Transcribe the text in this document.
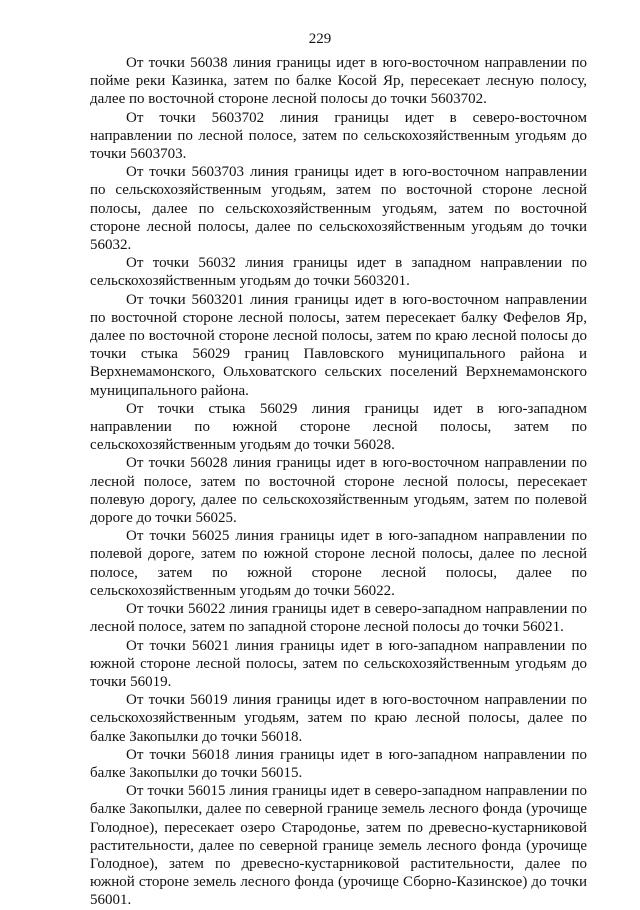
229

От точки 56038 линия границы идет в юго-восточном направлении по пойме реки Казинка, затем по балке Косой Яр, пересекает лесную полосу, далее по восточной стороне лесной полосы до точки 5603702.

От точки 5603702 линия границы идет в северо-восточном направлении по лесной полосе, затем по сельскохозяйственным угодьям до точки 5603703.

От точки 5603703 линия границы идет в юго-восточном направлении по сельскохозяйственным угодьям, затем по восточной стороне лесной полосы, далее по сельскохозяйственным угодьям, затем по восточной стороне лесной полосы, далее по сельскохозяйственным угодьям до точки 56032.

От точки 56032 линия границы идет в западном направлении по сельскохозяйственным угодьям до точки 5603201.

От точки 5603201 линия границы идет в юго-восточном направлении по восточной стороне лесной полосы, затем пересекает балку Фефелов Яр, далее по восточной стороне лесной полосы, затем по краю лесной полосы до точки стыка 56029 границ Павловского муниципального района и Верхнемамонского, Ольховатского сельских поселений Верхнемамонского муниципального района.

От точки стыка 56029 линия границы идет в юго-западном направлении по южной стороне лесной полосы, затем по сельскохозяйственным угодьям до точки 56028.

От точки 56028 линия границы идет в юго-восточном направлении по лесной полосе, затем по восточной стороне лесной полосы, пересекает полевую дорогу, далее по сельскохозяйственным угодьям, затем по полевой дороге до точки 56025.

От точки 56025 линия границы идет в юго-западном направлении по полевой дороге, затем по южной стороне лесной полосы, далее по лесной полосе, затем по южной стороне лесной полосы, далее по сельскохозяйственным угодьям до точки 56022.

От точки 56022 линия границы идет в северо-западном направлении по лесной полосе, затем по западной стороне лесной полосы до точки 56021.

От точки 56021 линия границы идет в юго-западном направлении по южной стороне лесной полосы, затем по сельскохозяйственным угодьям до точки 56019.

От точки 56019 линия границы идет в юго-восточном направлении по сельскохозяйственным угодьям, затем по краю лесной полосы, далее по балке Закопылки до точки 56018.

От точки 56018 линия границы идет в юго-западном направлении по балке Закопылки до точки 56015.

От точки 56015 линия границы идет в северо-западном направлении по балке Закопылки, далее по северной границе земель лесного фонда (урочище Голодное), пересекает озеро Стародонье, затем по древесно-кустарниковой растительности, далее по северной границе земель лесного фонда (урочище Голодное), затем по древесно-кустарниковой растительности, далее по южной стороне земель лесного фонда (урочище Сборно-Казинское) до точки 56001.
